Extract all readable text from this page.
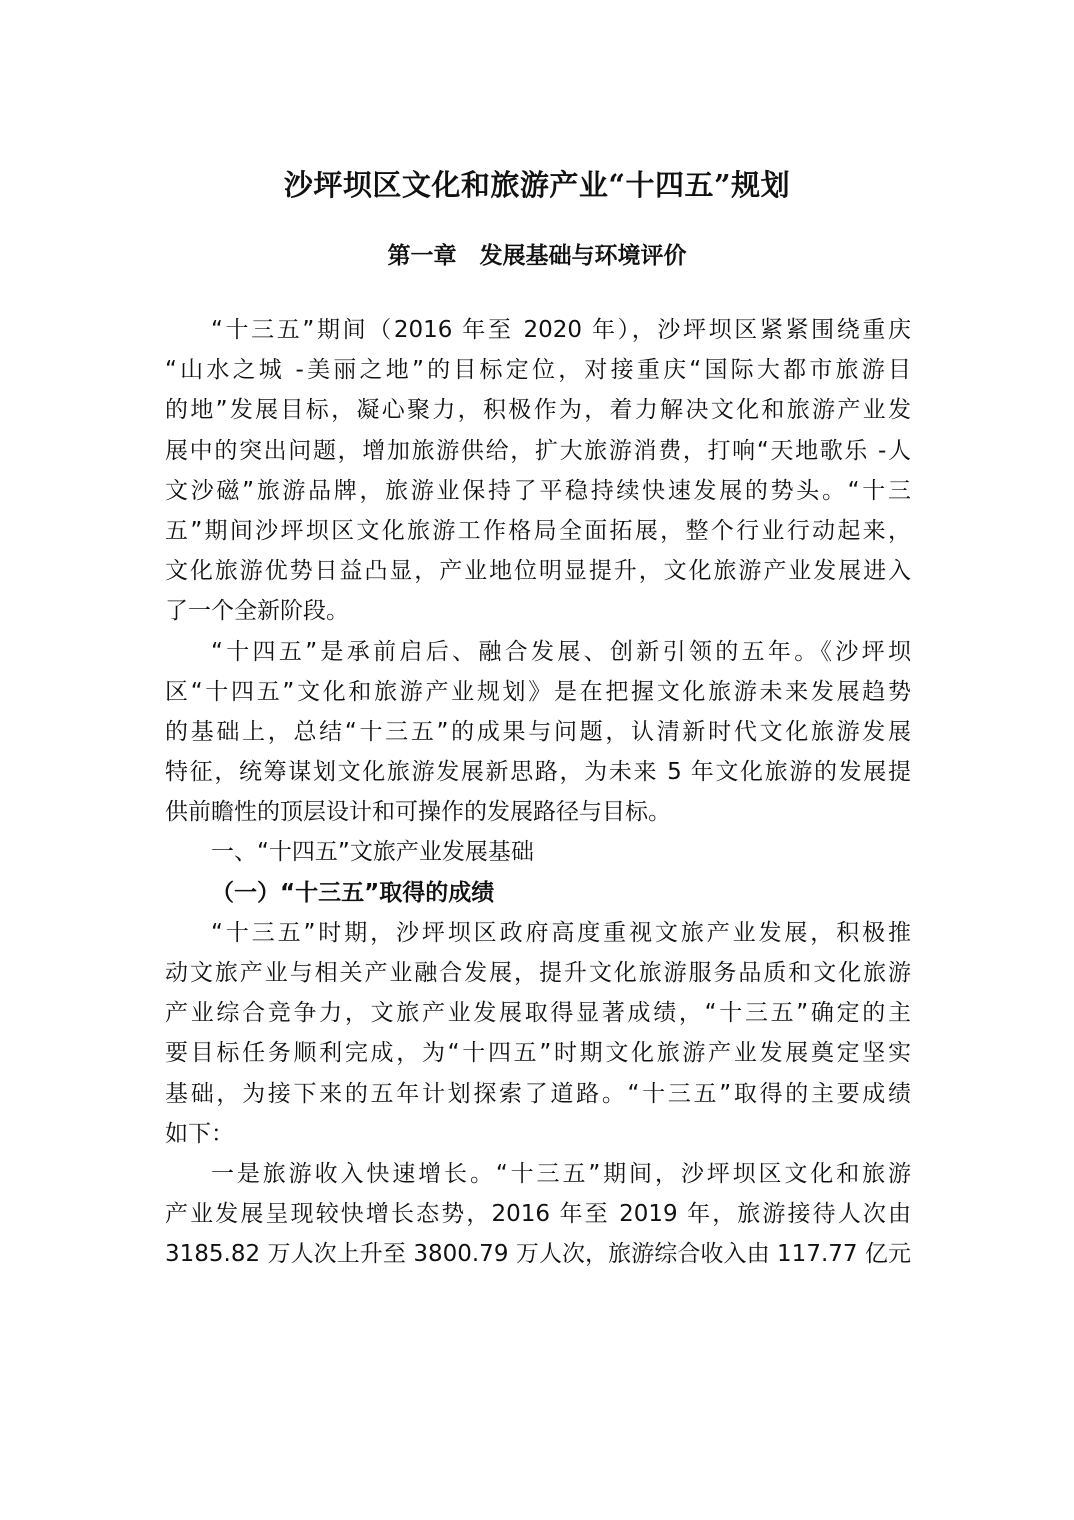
沙坪坝区文化和旅游产业“十四五”规划
第一章　发展基础与环境评价
“十三五”期间（2016 年至 2020 年），沙坪坝区紧紧围绕重庆
“山水之城 -美丽之地”的目标定位，对接重庆“国际大都市旅游目
的地”发展目标，凝心聚力，积极作为，着力解决文化和旅游产业发
展中的突出问题，增加旅游供给，扩大旅游消费，打响“天地歌乐 -人
文沙磁”旅游品牌，旅游业保持了平稳持续快速发展的势头。“十三
五”期间沙坪坝区文化旅游工作格局全面拓展，整个行业行动起来，
文化旅游优势日益凸显，产业地位明显提升，文化旅游产业发展进入
了一个全新阶段。
“十四五”是承前启后、融合发展、创新引领的五年。《沙坪坝
区“十四五”文化和旅游产业规划》是在把握文化旅游未来发展趋势
的基础上，总结“十三五”的成果与问题，认清新时代文化旅游发展
特征，统筹谋划文化旅游发展新思路，为未来 5 年文化旅游的发展提
供前瞻性的顶层设计和可操作的发展路径与目标。
一、“十四五”文旅产业发展基础
（一）“十三五”取得的成绩
“十三五”时期，沙坪坝区政府高度重视文旅产业发展，积极推
动文旅产业与相关产业融合发展，提升文化旅游服务品质和文化旅游
产业综合竞争力，文旅产业发展取得显著成绩，“十三五”确定的主
要目标任务顺利完成，为“十四五”时期文化旅游产业发展奠定坚实
基础，为接下来的五年计划探索了道路。“十三五”取得的主要成绩
如下：
一是旅游收入快速增长。“十三五”期间，沙坪坝区文化和旅游
产业发展呈现较快增长态势，2016 年至 2019 年，旅游接待人次由
3185.82 万人次上升至 3800.79 万人次，旅游综合收入由 117.77 亿元
